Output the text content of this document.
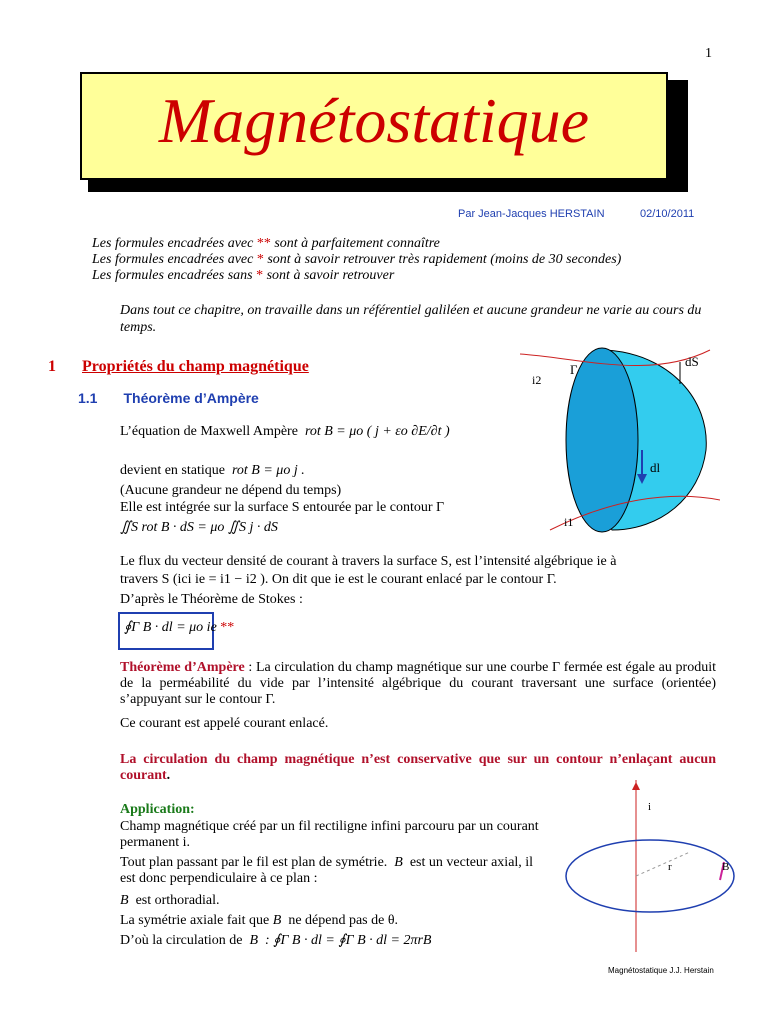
1
Magnétostatique
Par Jean-Jacques HERSTAIN	02/10/2011
Les formules encadrées avec ** sont à parfaitement connaître
Les formules encadrées avec * sont à savoir retrouver très rapidement (moins de 30 secondes)
Les formules encadrées sans * sont à savoir retrouver
Dans tout ce chapitre, on travaille dans un référentiel galiléen et aucune grandeur ne varie au cours du temps.
1 Propriétés du champ magnétique
1.1 Théorème d’Ampère
L’équation de Maxwell Ampère rot B = μo ( j + εo ∂E/∂t )
devient en statique rot B = μo j .
(Aucune grandeur ne dépend du temps)
Elle est intégrée sur la surface S entourée par le contour Γ
∬S rot B · dS = μo ∬S j · dS
Le flux du vecteur densité de courant à travers la surface S, est l’intensité algébrique ie à
travers S (ici ie = i1 − i2 ). On dit que ie est le courant enlacé par le contour Γ.
D’après le Théorème de Stokes :
∮Γ B · dl = μo ie **
Théorème d’Ampère : La circulation du champ magnétique sur une courbe Γ fermée est égale au produit de la perméabilité du vide par l’intensité algébrique du courant traversant une surface (orientée) s’appuyant sur le contour Γ.
Ce courant est appelé courant enlacé.
La circulation du champ magnétique n’est conservative que sur un contour n’enlaçant aucun courant.
Application:
Champ magnétique créé par un fil rectiligne infini parcouru par un courant permanent i.
Tout plan passant par le fil est plan de symétrie. B est un vecteur axial, il est donc perpendiculaire à ce plan :
B est orthoradial.
La symétrie axiale fait que B ne dépend pas de θ.
D’où la circulation de B : ∮Γ B · dl = ∮Γ B · dl = 2πrB
Γ
dS
dl
i2
i1
i
r	B
Magnétostatique J.J. Herstain
